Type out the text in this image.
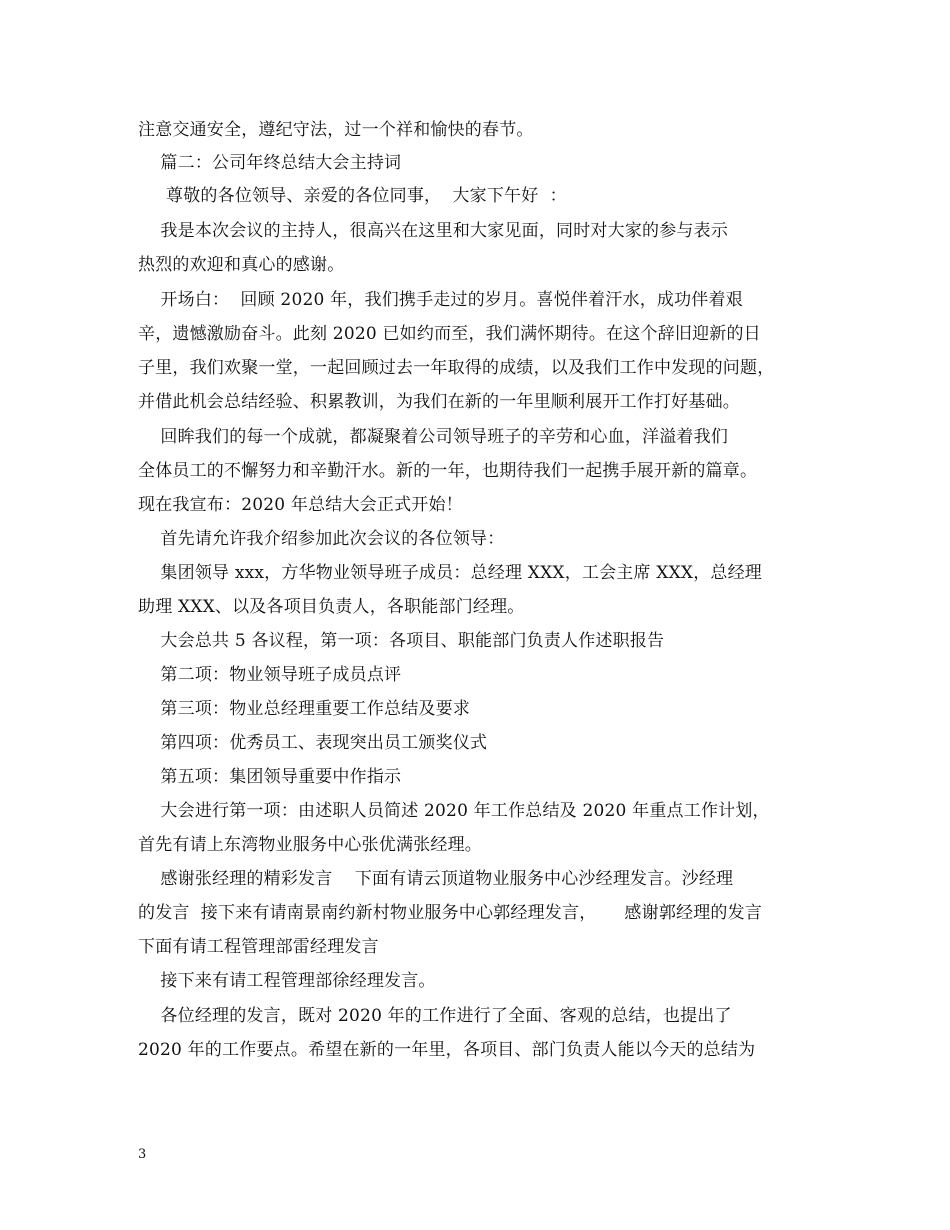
注意交通安全，遵纪守法，过一个祥和愉快的春节。
篇二：公司年终总结大会主持词
尊敬的各位领导、亲爱的各位同事，  大家下午好  ：
我是本次会议的主持人，很高兴在这里和大家见面，同时对大家的参与表示
热烈的欢迎和真心的感谢。
开场白：  回顾 2020 年，我们携手走过的岁月。喜悦伴着汗水，成功伴着艰
辛，遗憾激励奋斗。此刻 2020 已如约而至，我们满怀期待。在这个辞旧迎新的日
子里，我们欢聚一堂，一起回顾过去一年取得的成绩，以及我们工作中发现的问题，
并借此机会总结经验、积累教训，为我们在新的一年里顺利展开工作打好基础。
回眸我们的每一个成就，都凝聚着公司领导班子的辛劳和心血，洋溢着我们
全体员工的不懈努力和辛勤汗水。新的一年，也期待我们一起携手展开新的篇章。
现在我宣布：2020 年总结大会正式开始！
首先请允许我介绍参加此次会议的各位领导：
集团领导 xxx，方华物业领导班子成员：总经理 XXX，工会主席 XXX，总经理
助理 XXX、以及各项目负责人，各职能部门经理。
大会总共 5 各议程，第一项：各项目、职能部门负责人作述职报告
第二项：物业领导班子成员点评
第三项：物业总经理重要工作总结及要求
第四项：优秀员工、表现突出员工颁奖仪式
第五项：集团领导重要中作指示
大会进行第一项：由述职人员简述 2020 年工作总结及 2020 年重点工作计划，
首先有请上东湾物业服务中心张优满张经理。
感谢张经理的精彩发言    下面有请云顶道物业服务中心沙经理发言。沙经理
的发言  接下来有请南景南约新村物业服务中心郭经理发言，     感谢郭经理的发言
下面有请工程管理部雷经理发言
接下来有请工程管理部徐经理发言。
各位经理的发言，既对 2020 年的工作进行了全面、客观的总结，也提出了
2020 年的工作要点。希望在新的一年里，各项目、部门负责人能以今天的总结为
3
